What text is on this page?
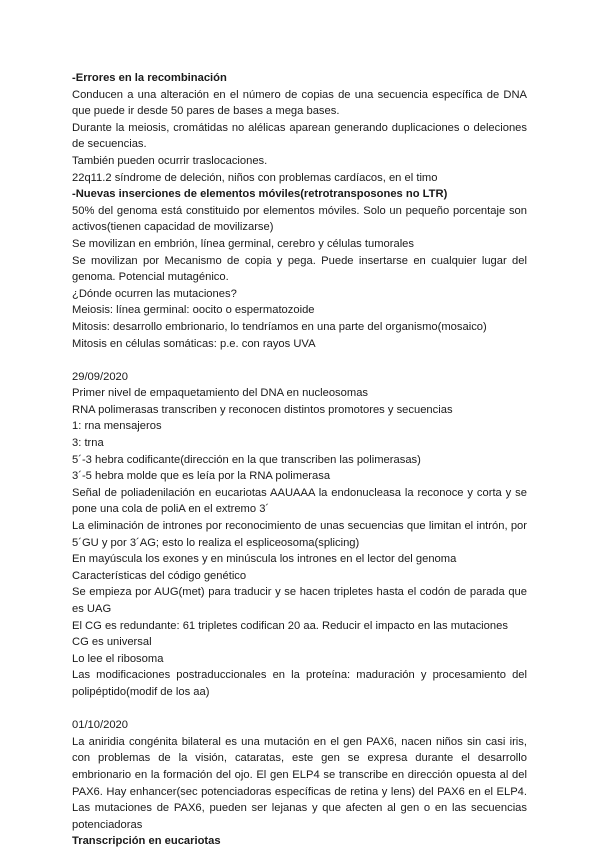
-Errores en la recombinación
Conducen a una alteración en el número de copias de una secuencia específica de DNA que puede ir desde 50 pares de bases a mega bases.
Durante la meiosis, cromátidas no alélicas aparean generando duplicaciones o deleciones de secuencias.
También pueden ocurrir traslocaciones.
22q11.2 síndrome de deleción, niños con problemas cardíacos, en el timo
-Nuevas inserciones de elementos móviles(retrotransposones no LTR)
50% del genoma está constituido por elementos móviles. Solo un pequeño porcentaje son activos(tienen capacidad de movilizarse)
Se movilizan en embrión, línea germinal, cerebro y células tumorales
Se movilizan por Mecanismo de copia y pega. Puede insertarse en cualquier lugar del genoma. Potencial mutagénico.
¿Dónde ocurren las mutaciones?
Meiosis: línea germinal: oocito o espermatozoide
Mitosis: desarrollo embrionario, lo tendríamos en una parte del organismo(mosaico)
Mitosis en células somáticas: p.e. con rayos UVA
29/09/2020
Primer nivel de empaquetamiento del DNA en nucleosomas
RNA polimerasas transcriben y reconocen distintos promotores y secuencias
1: rna mensajeros
3: trna
5´-3 hebra codificante(dirección en la que transcriben las polimerasas)
3´-5 hebra molde que es leía por la RNA polimerasa
Señal de poliadenilación en eucariotas AAUAAA la endonucleasa la reconoce y corta y se pone una cola de poliA en el extremo 3´
La eliminación de intrones por reconocimiento de unas secuencias que limitan el intrón, por 5´GU y por 3´AG; esto lo realiza el espliceosoma(splicing)
En mayúscula los exones y en minúscula los intrones en el lector del genoma
Características del código genético
Se empieza por AUG(met) para traducir y se hacen tripletes hasta el codón de parada que es UAG
El CG es redundante: 61 tripletes codifican 20 aa. Reducir el impacto en las mutaciones
CG es universal
Lo lee el ribosoma
Las modificaciones postraduccionales en la proteína: maduración y procesamiento del polipéptido(modif de los aa)
01/10/2020
La aniridia congénita bilateral es una mutación en el gen PAX6, nacen niños sin casi iris, con problemas de la visión, cataratas, este gen se expresa durante el desarrollo embrionario en la formación del ojo. El gen ELP4 se transcribe en dirección opuesta al del PAX6. Hay enhancer(sec potenciadoras específicas de retina y lens) del PAX6 en el ELP4. Las mutaciones de PAX6, pueden ser lejanas y que afecten al gen o en las secuencias potenciadoras
Transcripción en eucariotas
